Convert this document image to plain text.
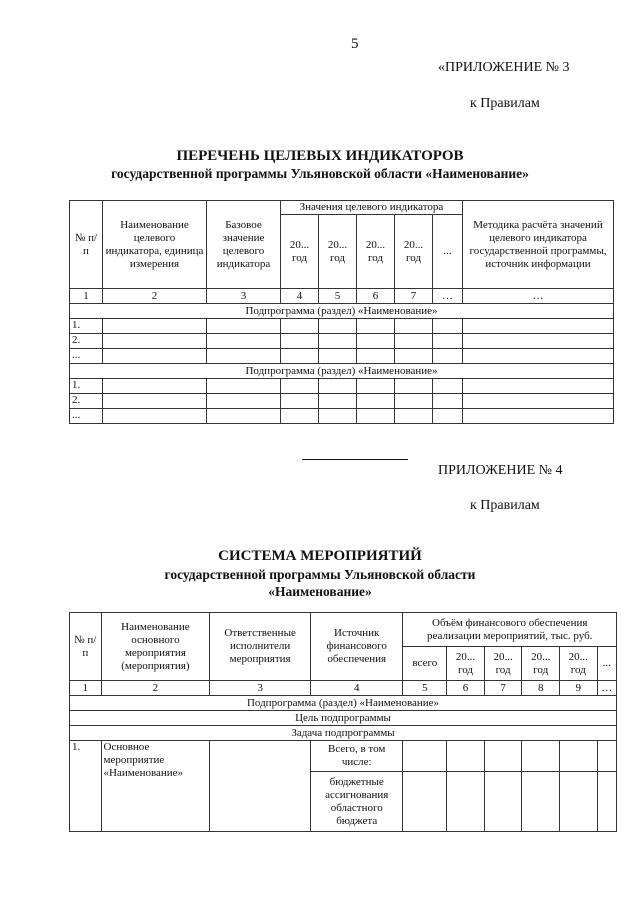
5
«ПРИЛОЖЕНИЕ № 3
к Правилам
ПЕРЕЧЕНЬ ЦЕЛЕВЫХ ИНДИКАТОРОВ
государственной программы Ульяновской области «Наименование»
№ п/п	Наименование целевого индикатора, единица измерения	Базовое значение целевого индикатора	Значения целевого индикатора					Методика расчёта значений целевого индикатора государственной программы, источник информации
			20... год	20... год	20... год	20... год	...	
1	2	3	4	5	6	7	…	…
Подпрограмма (раздел) «Наименование»								
1.								
2.								
...								
Подпрограмма (раздел) «Наименование»								
1.								
2.								
...								
ПРИЛОЖЕНИЕ № 4
к Правилам
СИСТЕМА МЕРОПРИЯТИЙ
государственной программы Ульяновской области
«Наименование»
№ п/п	Наименование основного мероприятия (мероприятия)	Ответственные исполнители мероприятия	Источник финансового обеспечения	Объём финансового обеспечения реализации мероприятий, тыс. руб.					
				всего	20... год	20... год	20... год	20... год	...
1	2	3	4	5	6	7	8	9	…
Подпрограмма (раздел) «Наименование»									
Цель подпрограммы									
Задача подпрограммы									
1.	Основное мероприятие «Наименование»		Всего, в том числе:						
			бюджетные ассигнования областного бюджета						
